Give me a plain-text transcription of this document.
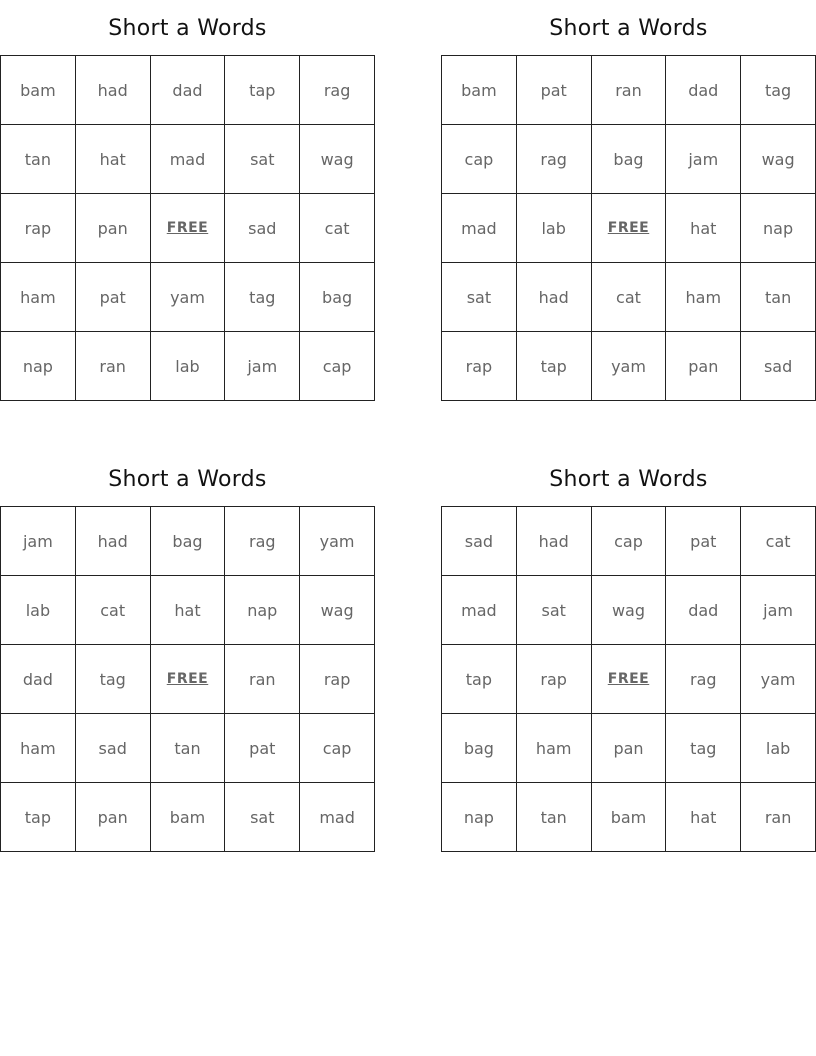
Short a Words
bam	had	dad	tap	rag
tan	hat	mad	sat	wag
rap	pan	FREE	sad	cat
ham	pat	yam	tag	bag
nap	ran	lab	jam	cap
Short a Words
bam	pat	ran	dad	tag
cap	rag	bag	jam	wag
mad	lab	FREE	hat	nap
sat	had	cat	ham	tan
rap	tap	yam	pan	sad
Short a Words
jam	had	bag	rag	yam
lab	cat	hat	nap	wag
dad	tag	FREE	ran	rap
ham	sad	tan	pat	cap
tap	pan	bam	sat	mad
Short a Words
sad	had	cap	pat	cat
mad	sat	wag	dad	jam
tap	rap	FREE	rag	yam
bag	ham	pan	tag	lab
nap	tan	bam	hat	ran
